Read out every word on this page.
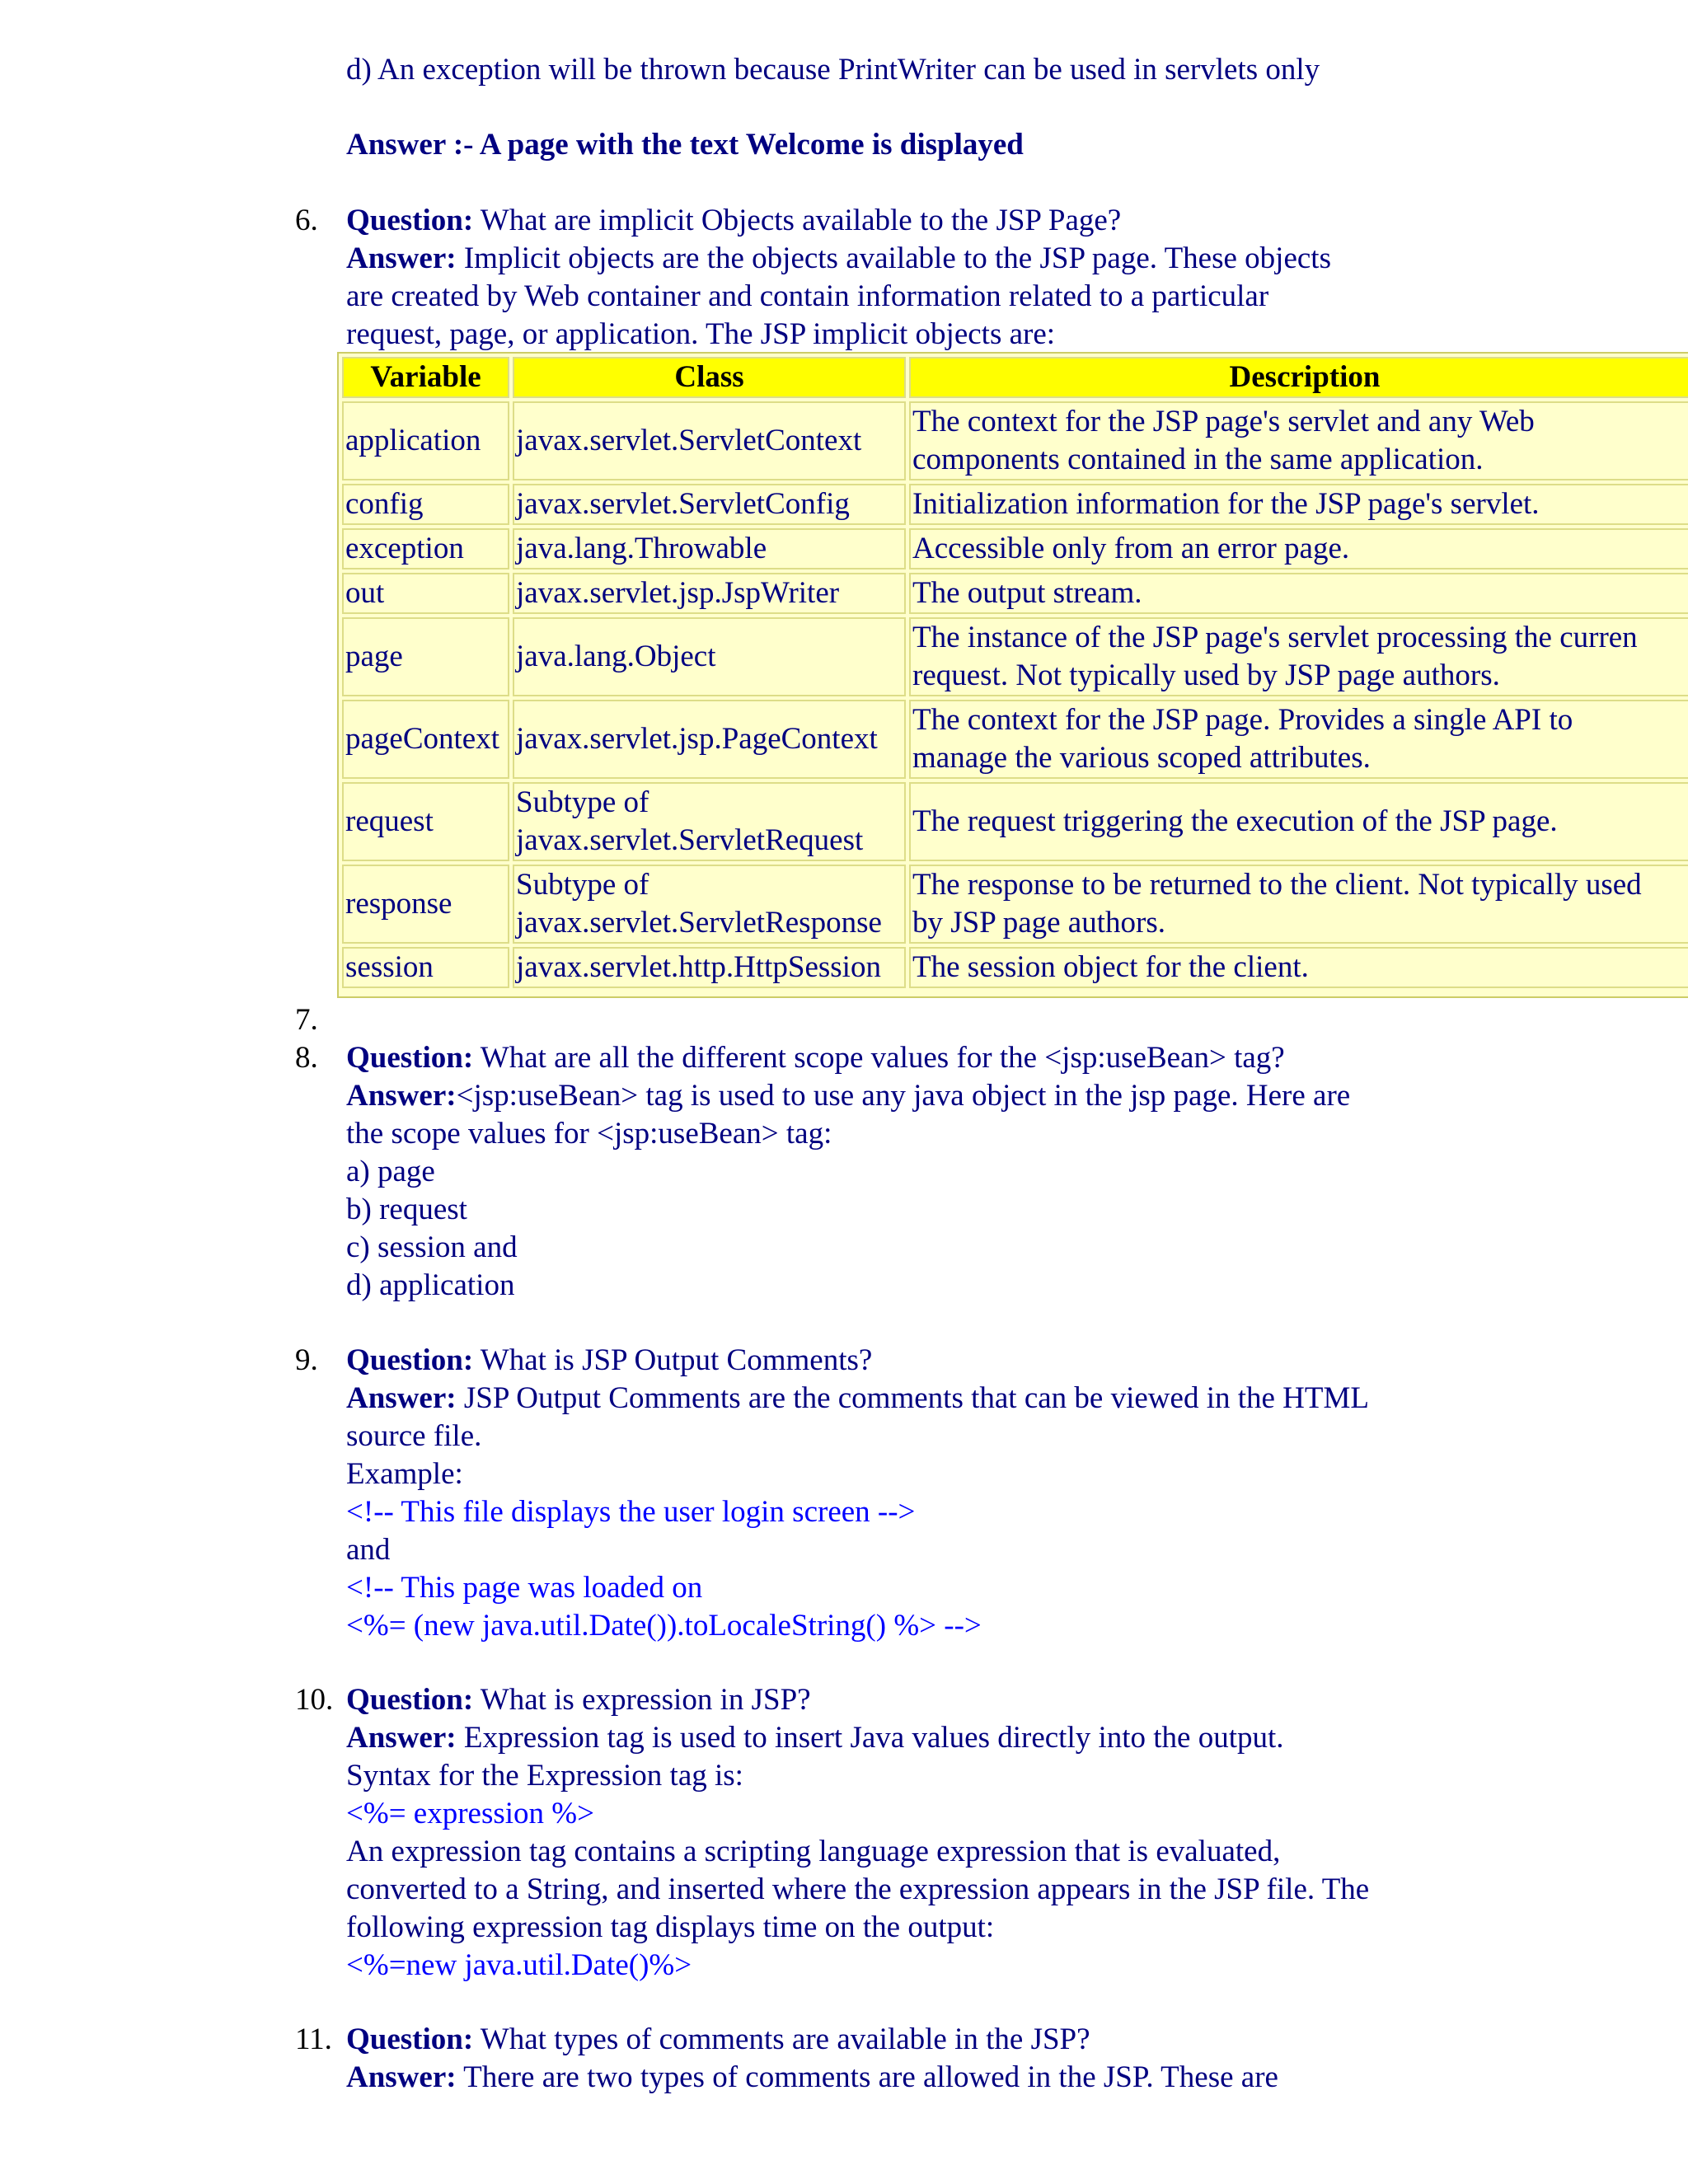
d) An exception will be thrown because PrintWriter can be used in servlets only
Answer :- A page with the text Welcome is displayed
6. Question: What are implicit Objects available to the JSP Page?
Answer: Implicit objects are the objects available to the JSP page. These objects
are created by Web container and contain information related to a particular
request, page, or application. The JSP implicit objects are:
Variable	Class	Description
application	javax.servlet.ServletContext	The context for the JSP page's servlet and any Web
components contained in the same application.

config	javax.servlet.ServletConfig	Initialization information for the JSP page's servlet.

exception	java.lang.Throwable	Accessible only from an error page.

out	javax.servlet.jsp.JspWriter	The output stream.

page	java.lang.Object	The instance of the JSP page's servlet processing the curren
request. Not typically used by JSP page authors.

pageContext	javax.servlet.jsp.PageContext	The context for the JSP page. Provides a single API to
manage the various scoped attributes.

request	Subtype of
javax.servlet.ServletRequest	The request triggering the execution of the JSP page.

response	Subtype of
javax.servlet.ServletResponse	The response to be returned to the client. Not typically used
by JSP page authors.

session	javax.servlet.http.HttpSession	The session object for the client.
7.
8. Question: What are all the different scope values for the <jsp:useBean> tag?
Answer:<jsp:useBean> tag is used to use any java object in the jsp page. Here are
the scope values for <jsp:useBean> tag:
a) page
b) request
c) session and
d) application
9. Question: What is JSP Output Comments?
Answer: JSP Output Comments are the comments that can be viewed in the HTML
source file.
Example:
<!-- This file displays the user login screen -->
and
<!-- This page was loaded on
<%= (new java.util.Date()).toLocaleString() %> -->
10. Question: What is expression in JSP?
Answer: Expression tag is used to insert Java values directly into the output.
Syntax for the Expression tag is:
<%= expression %>
An expression tag contains a scripting language expression that is evaluated,
converted to a String, and inserted where the expression appears in the JSP file. The
following expression tag displays time on the output:
<%=new java.util.Date()%>
11. Question: What types of comments are available in the JSP?
Answer: There are two types of comments are allowed in the JSP. These are
